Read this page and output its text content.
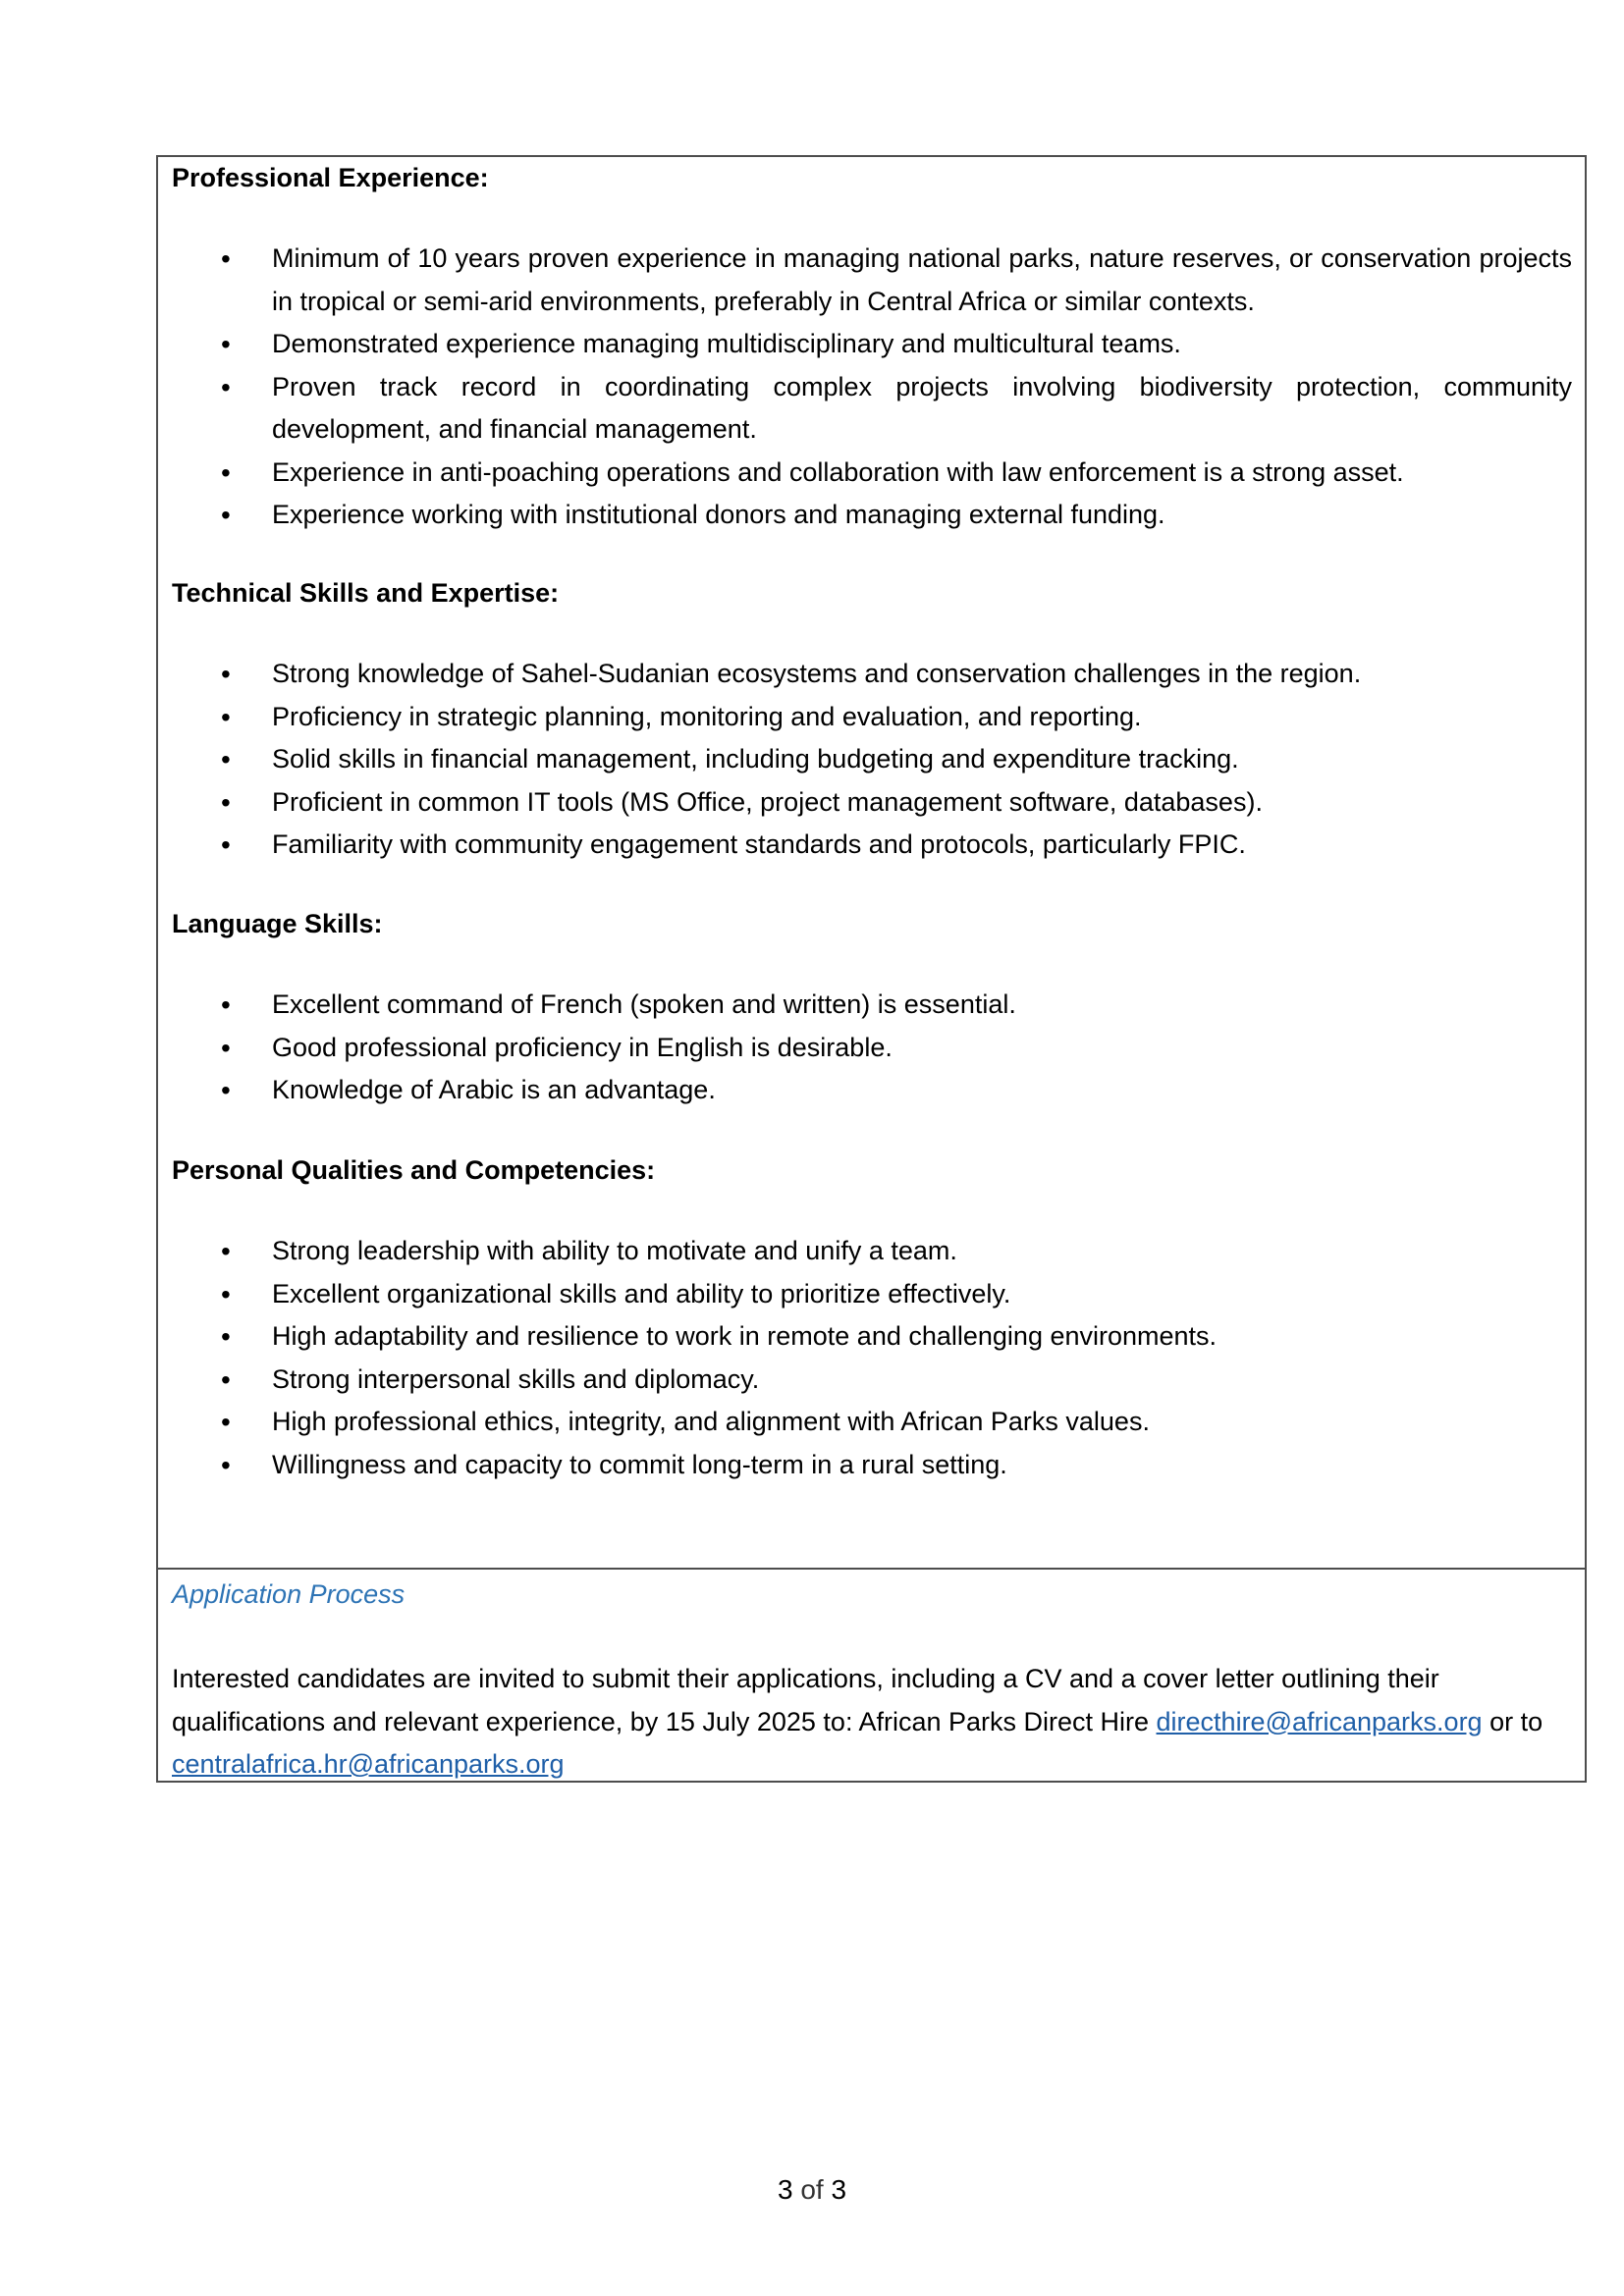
Professional Experience:
• Minimum of 10 years proven experience in managing national parks, nature reserves, or conservation projects in tropical or semi-arid environments, preferably in Central Africa or similar contexts.
• Demonstrated experience managing multidisciplinary and multicultural teams.
• Proven track record in coordinating complex projects involving biodiversity protection, community development, and financial management.
• Experience in anti-poaching operations and collaboration with law enforcement is a strong asset.
• Experience working with institutional donors and managing external funding.
Technical Skills and Expertise:
• Strong knowledge of Sahel-Sudanian ecosystems and conservation challenges in the region.
• Proficiency in strategic planning, monitoring and evaluation, and reporting.
• Solid skills in financial management, including budgeting and expenditure tracking.
• Proficient in common IT tools (MS Office, project management software, databases).
• Familiarity with community engagement standards and protocols, particularly FPIC.
Language Skills:
• Excellent command of French (spoken and written) is essential.
• Good professional proficiency in English is desirable.
• Knowledge of Arabic is an advantage.
Personal Qualities and Competencies:
• Strong leadership with ability to motivate and unify a team.
• Excellent organizational skills and ability to prioritize effectively.
• High adaptability and resilience to work in remote and challenging environments.
• Strong interpersonal skills and diplomacy.
• High professional ethics, integrity, and alignment with African Parks values.
• Willingness and capacity to commit long-term in a rural setting.
Application Process
Interested candidates are invited to submit their applications, including a CV and a cover letter outlining their qualifications and relevant experience, by 15 July 2025 to: African Parks Direct Hire directhire@africanparks.org or to centralafrica.hr@africanparks.org
3 of 3
